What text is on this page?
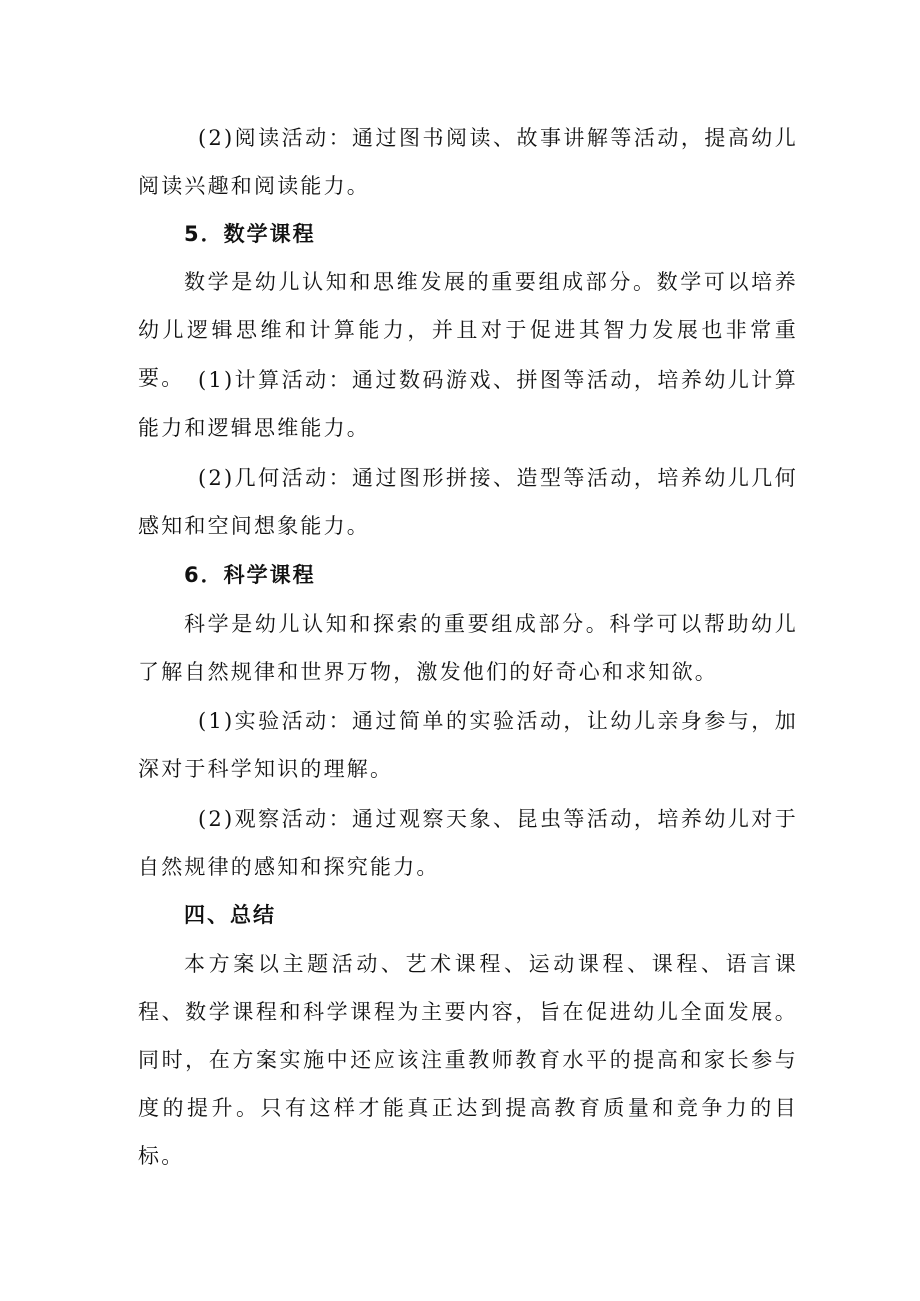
(2)阅读活动：通过图书阅读、故事讲解等活动，提高幼儿阅读兴趣和阅读能力。

5．数学课程

数学是幼儿认知和思维发展的重要组成部分。数学可以培养幼儿逻辑思维和计算能力，并且对于促进其智力发展也非常重要。 (1)计算活动：通过数码游戏、拼图等活动，培养幼儿计算能力和逻辑思维能力。

(2)几何活动：通过图形拼接、造型等活动，培养幼儿几何感知和空间想象能力。

6．科学课程

科学是幼儿认知和探索的重要组成部分。科学可以帮助幼儿了解自然规律和世界万物，激发他们的好奇心和求知欲。

(1)实验活动：通过简单的实验活动，让幼儿亲身参与，加深对于科学知识的理解。

(2)观察活动：通过观察天象、昆虫等活动，培养幼儿对于自然规律的感知和探究能力。

四、总结

本方案以主题活动、艺术课程、运动课程、课程、语言课程、数学课程和科学课程为主要内容，旨在促进幼儿全面发展。同时，在方案实施中还应该注重教师教育水平的提高和家长参与度的提升。只有这样才能真正达到提高教育质量和竞争力的目标。
